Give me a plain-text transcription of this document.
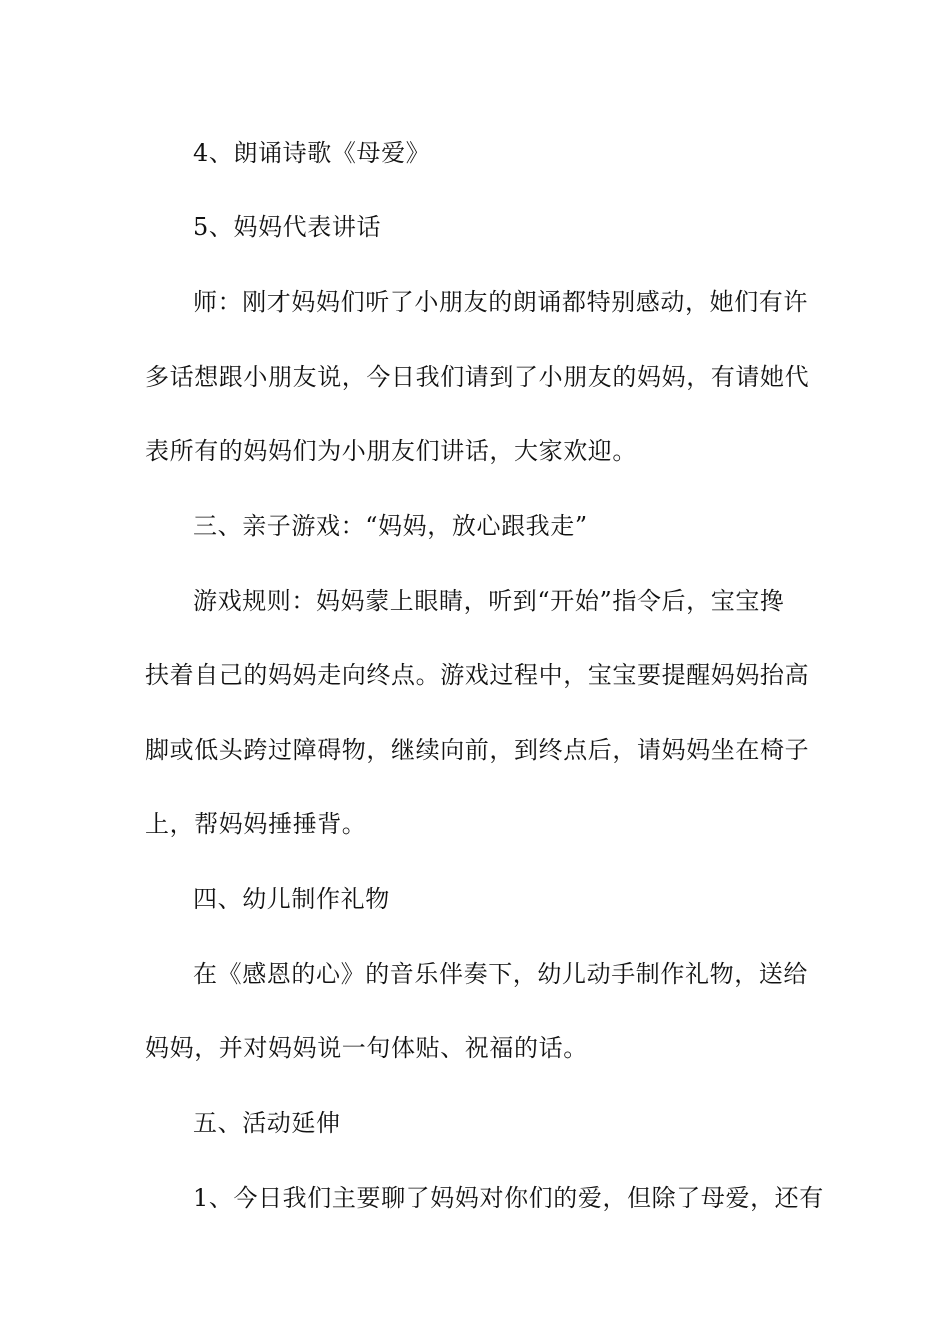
4、朗诵诗歌《母爱》
5、妈妈代表讲话
师：刚才妈妈们听了小朋友的朗诵都特别感动，她们有许
多话想跟小朋友说，今日我们请到了小朋友的妈妈，有请她代
表所有的妈妈们为小朋友们讲话，大家欢迎。
三、亲子游戏：“妈妈，放心跟我走”
游戏规则：妈妈蒙上眼睛，听到“开始”指令后，宝宝搀
扶着自己的妈妈走向终点。游戏过程中，宝宝要提醒妈妈抬高
脚或低头跨过障碍物，继续向前，到终点后，请妈妈坐在椅子
上，帮妈妈捶捶背。
四、幼儿制作礼物
在《感恩的心》的音乐伴奏下，幼儿动手制作礼物，送给
妈妈，并对妈妈说一句体贴、祝福的话。
五、活动延伸
1、今日我们主要聊了妈妈对你们的爱，但除了母爱，还有
